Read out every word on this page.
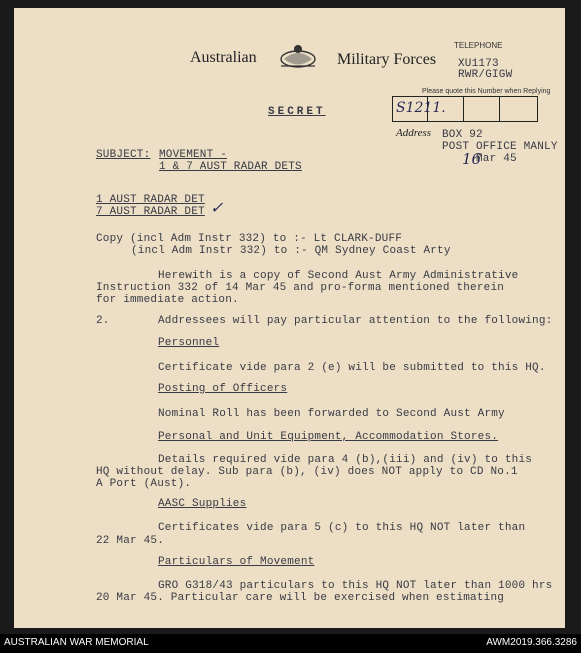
Australian	Military Forces
TELEPHONE
XU1173
RWR/GIGW
Please quote this Number when Replying
S1211.
Address BOX 92
POST OFFICE MANLY
16
Mar 45
SECRET
SUBJECT: MOVEMENT -
1 & 7 AUST RADAR DETS
1 AUST RADAR DET
7 AUST RADAR DET ✓
Copy (incl Adm Instr 332) to :- Lt CLARK-DUFF
(incl Adm Instr 332) to :- QM Sydney Coast Arty
Herewith is a copy of Second Aust Army Administrative
Instruction 332 of 14 Mar 45 and pro-forma mentioned therein
for immediate action.
2.	Addressees will pay particular attention to the following:
Personnel
Certificate vide para 2 (e) will be submitted to this HQ.
Posting of Officers
Nominal Roll has been forwarded to Second Aust Army
Personal and Unit Equipment, Accommodation Stores.
Details required vide para 4 (b),(iii) and (iv) to this
HQ without delay. Sub para (b), (iv) does NOT apply to CD No.1
A Port (Aust).
AASC Supplies
Certificates vide para 5 (c) to this HQ NOT later than
22 Mar 45.
Particulars of Movement
GRO G318/43 particulars to this HQ NOT later than 1000 hrs
20 Mar 45. Particular care will be exercised when estimating
AUSTRALIAN WAR MEMORIAL	AWM2019.366.3286
